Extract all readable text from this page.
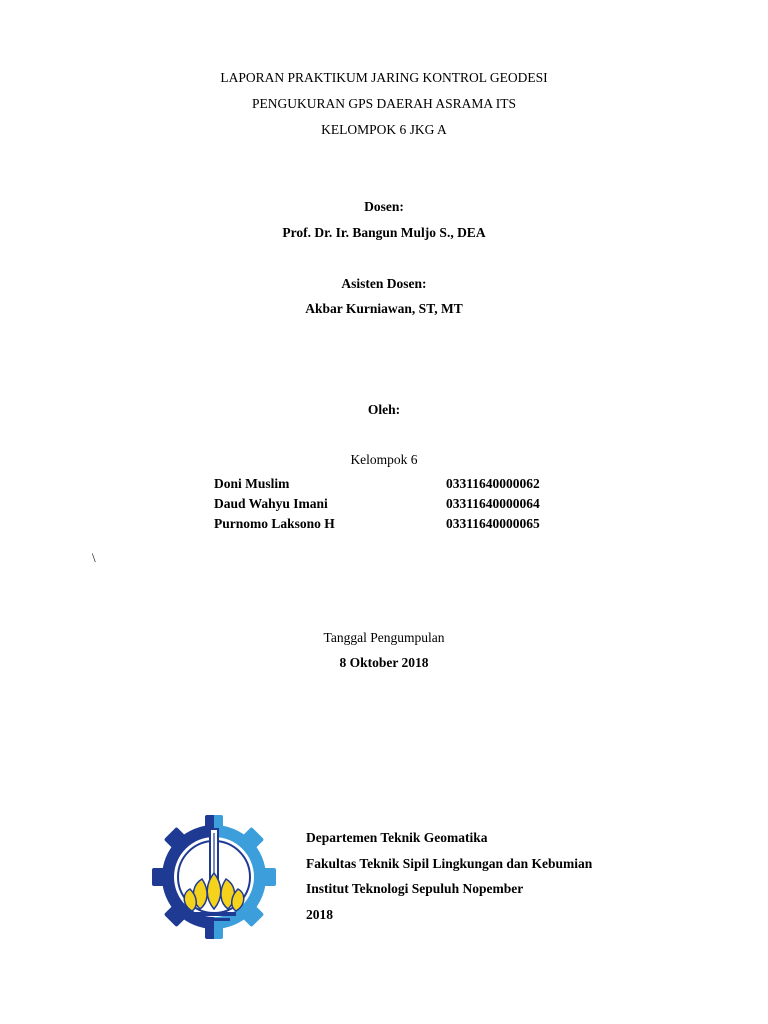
LAPORAN PRAKTIKUM JARING KONTROL GEODESI
PENGUKURAN GPS DAERAH ASRAMA ITS
KELOMPOK 6 JKG A
Dosen:
Prof. Dr. Ir. Bangun Muljo S., DEA
Asisten Dosen:
Akbar Kurniawan, ST, MT
Oleh:
Kelompok 6
Doni Muslim	03311640000062
Daud Wahyu Imani	03311640000064
Purnomo Laksono H	03311640000065
\
Tanggal Pengumpulan
8 Oktober 2018
Departemen Teknik Geomatika
Fakultas Teknik Sipil Lingkungan dan Kebumian
Institut Teknologi Sepuluh Nopember
2018
